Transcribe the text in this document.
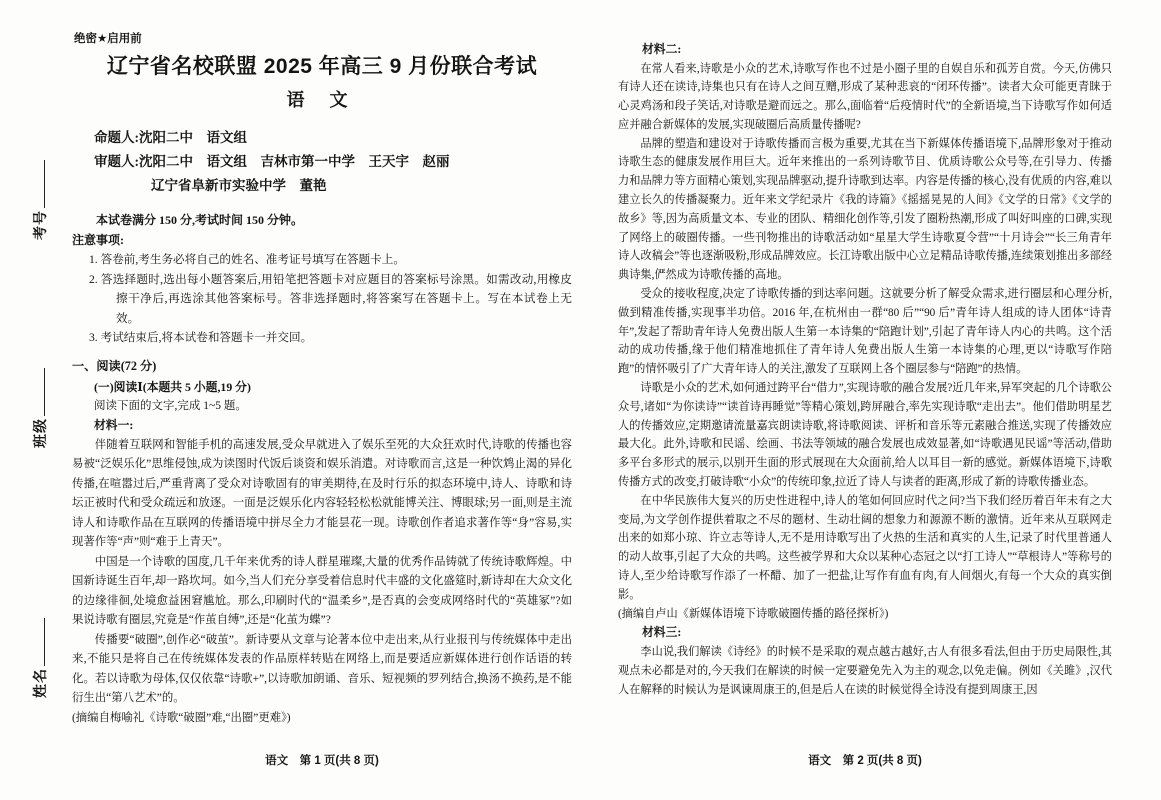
考号
班级
姓名
绝密★启用前
辽宁省名校联盟 2025 年高三 9 月份联合考试
语 文
命题人:沈阳二中　语文组
审题人:沈阳二中　语文组　吉林市第一中学　王天宇　赵丽
辽宁省阜新市实验中学　董艳
本试卷满分 150 分,考试时间 150 分钟。
注意事项:
1. 答卷前,考生务必将自己的姓名、准考证号填写在答题卡上。
2. 答选择题时,选出每小题答案后,用铅笔把答题卡对应题目的答案标号涂黑。如需改动,用橡皮擦干净后,再选涂其他答案标号。答非选择题时,将答案写在答题卡上。写在本试卷上无效。
3. 考试结束后,将本试卷和答题卡一并交回。
一、阅读(72 分)
(一)阅读Ⅰ(本题共 5 小题,19 分)
阅读下面的文字,完成 1~5 题。
材料一:

伴随着互联网和智能手机的高速发展,受众早就进入了娱乐至死的大众狂欢时代,诗歌的传播也容易被“泛娱乐化”思维侵蚀,成为读图时代饭后谈资和娱乐消遣。对诗歌而言,这是一种饮鸩止渴的异化传播,在喧嚣过后,严重背离了受众对诗歌固有的审美期待,在及时行乐的拟态环境中,诗人、诗歌和诗坛正被时代和受众疏远和放逐。一面是泛娱乐化内容轻轻松松就能博关注、博眼球;另一面,则是主流诗人和诗歌作品在互联网的传播语境中拼尽全力才能昙花一现。诗歌创作者追求著作等“身”容易,实现著作等“声”则“难于上青天”。

中国是一个诗歌的国度,几千年来优秀的诗人群星璀璨,大量的优秀作品铸就了传统诗歌辉煌。中国新诗诞生百年,却一路坎坷。如今,当人们充分享受着信息时代丰盛的文化盛筵时,新诗却在大众文化的边缘徘徊,处境愈益困窘尴尬。那么,印刷时代的“温柔乡”,是否真的会变成网络时代的“英雄冢”?如果说诗歌有圈层,究竟是“作茧自缚”,还是“化茧为蝶”?

传播要“破圈”,创作必“破茧”。新诗要从文章与论著本位中走出来,从行业报刊与传统媒体中走出来,不能只是将自己在传统媒体发表的作品原样转贴在网络上,而是要适应新媒体进行创作话语的转化。若以诗歌为母体,仅仅依靠“诗歌+”,以诗歌加朗诵、音乐、短视频的罗列结合,换汤不换药,是不能衍生出“第八艺术”的。

(摘编自梅喻礼《诗歌“破圈”难,“出圈”更难》)

语文　第 1 页(共 8 页)
材料二:

在常人看来,诗歌是小众的艺术,诗歌写作也不过是小圈子里的自娱自乐和孤芳自赏。今天,仿佛只有诗人还在读诗,诗集也只有在诗人之间互赠,形成了某种悲哀的“闭环传播”。读者大众可能更青睐于心灵鸡汤和段子笑话,对诗歌是避而远之。那么,面临着“后疫情时代”的全新语境,当下诗歌写作如何适应并融合新媒体的发展,实现破圈后高质量传播呢?

品牌的塑造和建设对于诗歌传播而言极为重要,尤其在当下新媒体传播语境下,品牌形象对于推动诗歌生态的健康发展作用巨大。近年来推出的一系列诗歌节目、优质诗歌公众号等,在引导力、传播力和品牌力等方面精心策划,实现品牌驱动,提升诗歌到达率。内容是传播的核心,没有优质的内容,难以建立长久的传播凝聚力。近年来文学纪录片《我的诗篇》《摇摇晃晃的人间》《文学的日常》《文学的故乡》等,因为高质量文本、专业的团队、精细化创作等,引发了圈粉热潮,形成了叫好叫座的口碑,实现了网络上的破圈传播。一些刊物推出的诗歌活动如“星星大学生诗歌夏令营”“十月诗会”“长三角青年诗人改稿会”等也逐渐吸粉,形成品牌效应。长江诗歌出版中心立足精品诗歌传播,连续策划推出多部经典诗集,俨然成为诗歌传播的高地。

受众的接收程度,决定了诗歌传播的到达率问题。这就要分析了解受众需求,进行圈层和心理分析,做到精准传播,实现事半功倍。2016 年,在杭州由一群“80 后”“90 后”青年诗人组成的诗人团体“诗青年”,发起了帮助青年诗人免费出版人生第一本诗集的“陪跑计划”,引起了青年诗人内心的共鸣。这个活动的成功传播,缘于他们精准地抓住了青年诗人免费出版人生第一本诗集的心理,更以“诗歌写作陪跑”的情怀吸引了广大青年诗人的关注,激发了互联网上各个圈层参与“陪跑”的热情。

诗歌是小众的艺术,如何通过跨平台“借力”,实现诗歌的融合发展?近几年来,异军突起的几个诗歌公众号,诸如“为你读诗”“读首诗再睡觉”等精心策划,跨屏融合,率先实现诗歌“走出去”。他们借助明星艺人的传播效应,定期邀请流量嘉宾朗读诗歌,将诗歌阅读、评析和音乐等元素融合推送,实现了传播效应最大化。此外,诗歌和民谣、绘画、书法等领域的融合发展也成效显著,如“诗歌遇见民谣”等活动,借助多平台多形式的展示,以别开生面的形式展现在大众面前,给人以耳目一新的感觉。新媒体语境下,诗歌传播方式的改变,打破诗歌“小众”的传统印象,拉近了诗人与读者的距离,形成了新的诗歌传播业态。

在中华民族伟大复兴的历史性进程中,诗人的笔如何回应时代之问?当下我们经历着百年未有之大变局,为文学创作提供着取之不尽的题材、生动壮阔的想象力和源源不断的激情。近年来从互联网走出来的如郑小琼、许立志等诗人,无不是用诗歌写出了火热的生活和真实的人生,记录了时代里普通人的动人故事,引起了大众的共鸣。这些被学界和大众以某种心态冠之以“打工诗人”“草根诗人”等称号的诗人,至少给诗歌写作添了一杯醋、加了一把盐,让写作有血有肉,有人间烟火,有每一个大众的真实倒影。

(摘编自卢山《新媒体语境下诗歌破圈传播的路径探析》)

材料三:

李山说,我们解读《诗经》的时候不是采取的观点越古越好,古人有很多看法,但由于历史局限性,其观点未必都是对的,今天我们在解读的时候一定要避免先入为主的观念,以免走偏。例如《关雎》,汉代人在解释的时候认为是讽谏周康王的,但是后人在读的时候觉得全诗没有提到周康王,因

语文　第 2 页(共 8 页)
